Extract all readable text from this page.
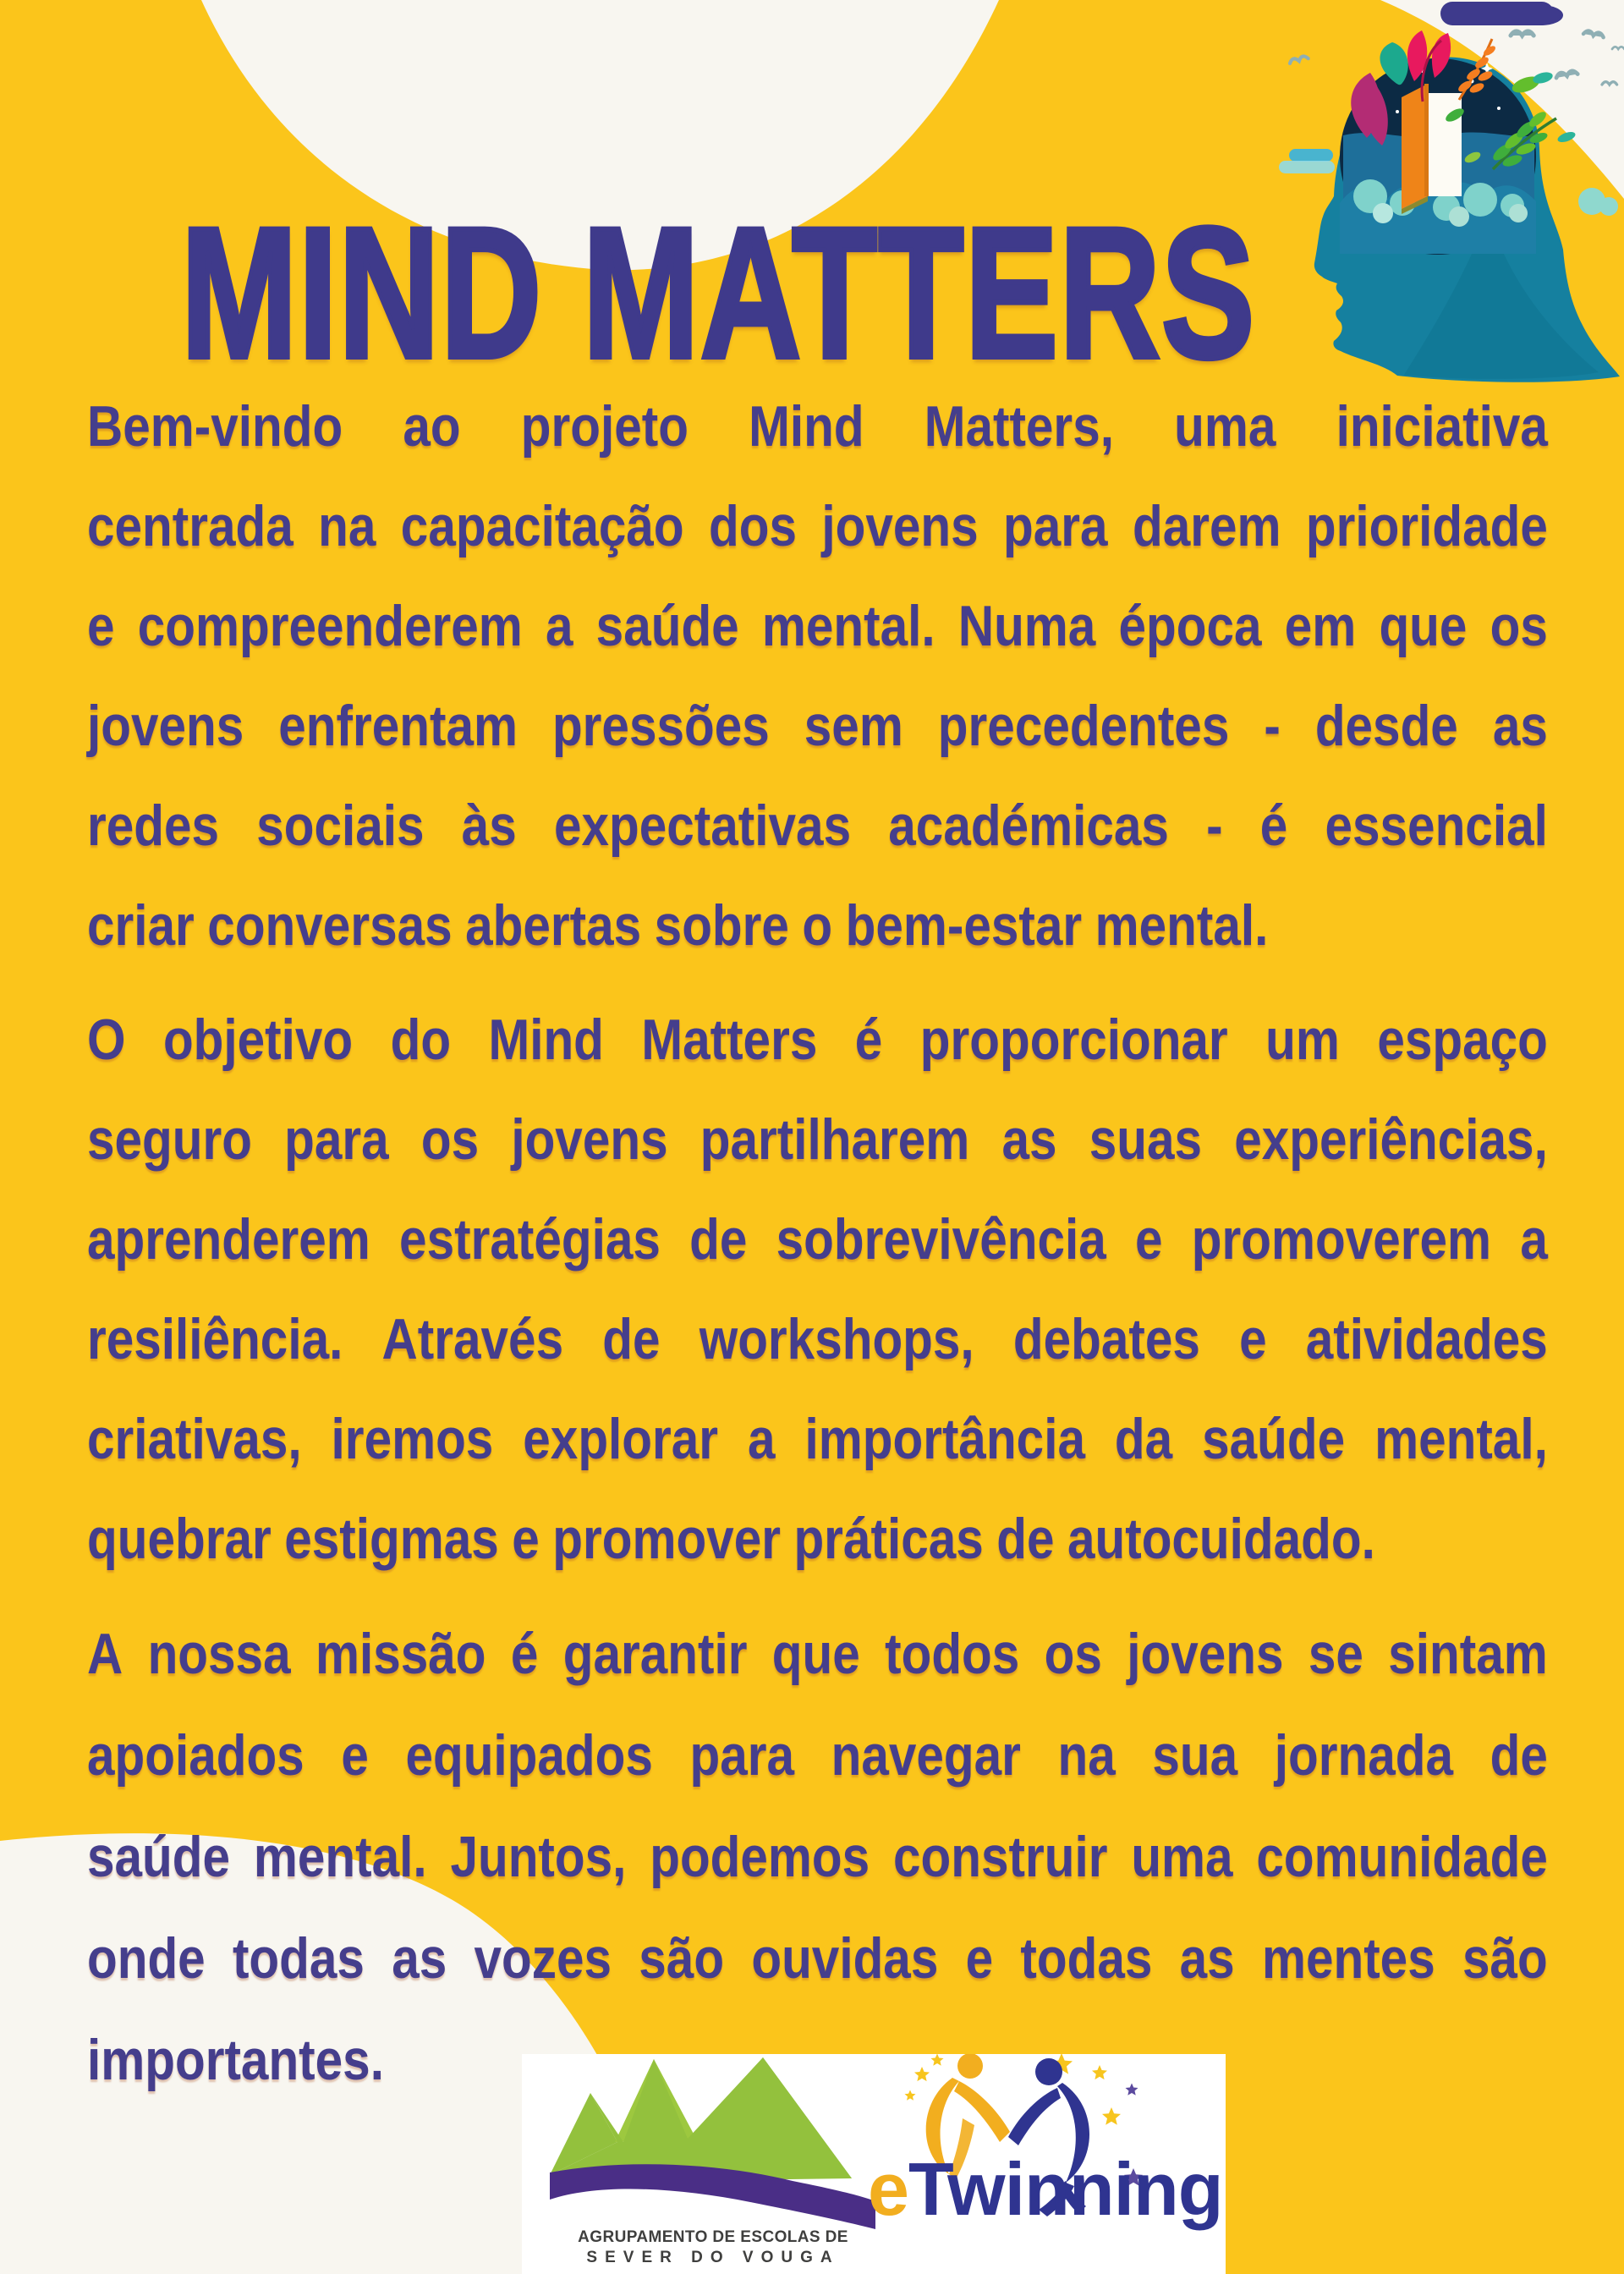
MIND MATTERS
Bem-vindo ao projeto Mind Matters, uma iniciativa
centrada na capacitação dos jovens para darem prioridade
e compreenderem a saúde mental. Numa época em que os
jovens enfrentam pressões sem precedentes - desde as
redes sociais às expectativas académicas - é essencial
criar conversas abertas sobre o bem-estar mental.
O objetivo do Mind Matters é proporcionar um espaço
seguro para os jovens partilharem as suas experiências,
aprenderem estratégias de sobrevivência e promoverem a
resiliência. Através de workshops, debates e atividades
criativas, iremos explorar a importância da saúde mental,
quebrar estigmas e promover práticas de autocuidado.
A nossa missão é garantir que todos os jovens se sintam
apoiados e equipados para navegar na sua jornada de
saúde mental. Juntos, podemos construir uma comunidade
onde todas as vozes são ouvidas e todas as mentes são
importantes.
AGRUPAMENTO DE ESCOLAS DE
SEVER DO VOUGA
eTwinning
